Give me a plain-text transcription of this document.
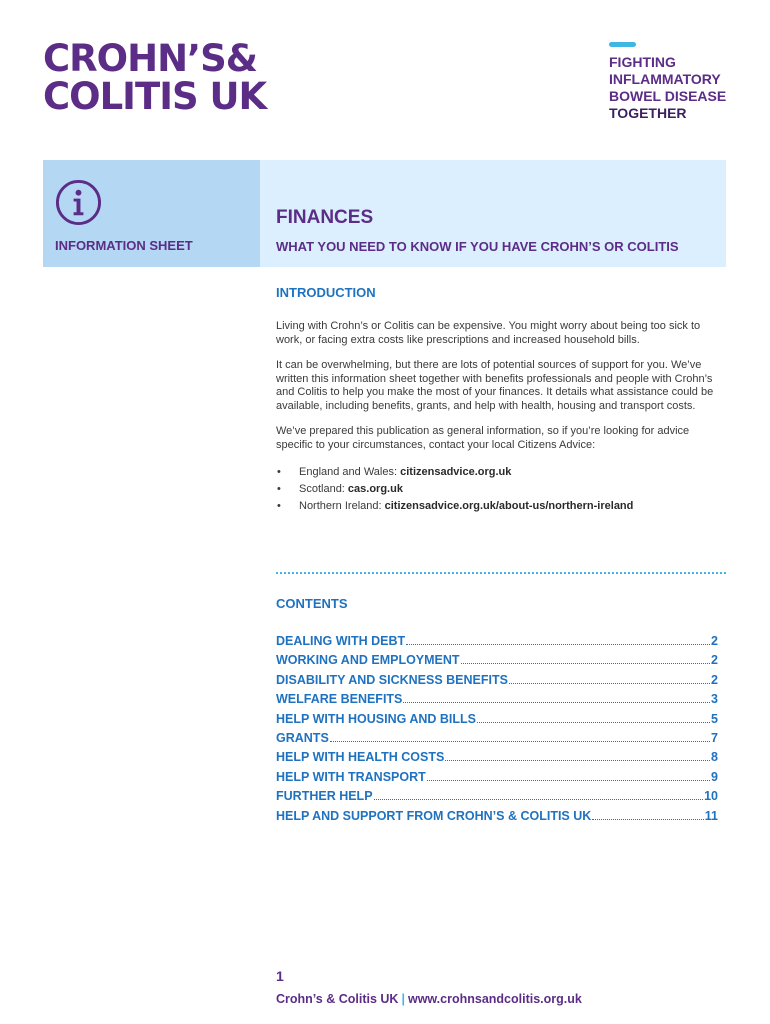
CROHN’S&
COLITIS UK
FIGHTING
INFLAMMATORY
BOWEL DISEASE
TOGETHER
INFORMATION SHEET
FINANCES
WHAT YOU NEED TO KNOW IF YOU HAVE CROHN’S OR COLITIS
INTRODUCTION

Living with Crohn’s or Colitis can be expensive. You might worry about being too sick to work, or facing extra costs like prescriptions and increased household bills.

It can be overwhelming, but there are lots of potential sources of support for you. We’ve written this information sheet together with benefits professionals and people with Crohn’s and Colitis to help you make the most of your finances. It details what assistance could be available, including benefits, grants, and help with health, housing and transport costs.

We’ve prepared this publication as general information, so if you’re looking for advice specific to your circumstances, contact your local Citizens Advice:

• England and Wales: citizensadvice.org.uk
• Scotland: cas.org.uk
• Northern Ireland: citizensadvice.org.uk/about-us/northern-ireland
CONTENTS
DEALING WITH DEBT	2
WORKING AND EMPLOYMENT	2
DISABILITY AND SICKNESS BENEFITS	2
WELFARE BENEFITS	3
HELP WITH HOUSING AND BILLS	5
GRANTS	7
HELP WITH HEALTH COSTS	8
HELP WITH TRANSPORT	9
FURTHER HELP	10
HELP AND SUPPORT FROM CROHN’S & COLITIS UK	11
1
Crohn’s & Colitis UK | www.crohnsandcolitis.org.uk
